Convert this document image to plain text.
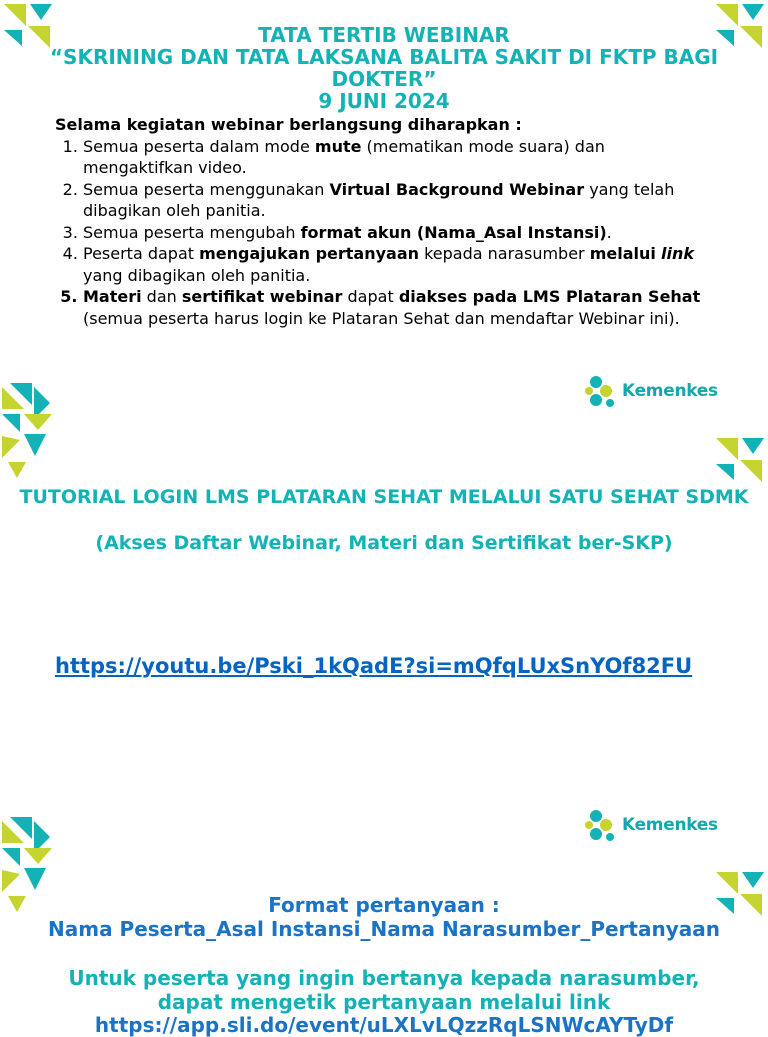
TATA TERTIB WEBINAR
“SKRINING DAN TATA LAKSANA BALITA SAKIT DI FKTP BAGI DOKTER”
9 JUNI 2024
Selama kegiatan webinar berlangsung diharapkan :
1. Semua peserta dalam mode mute (mematikan mode suara) dan mengaktifkan video.
2. Semua peserta menggunakan Virtual Background Webinar yang telah dibagikan oleh panitia.
3. Semua peserta mengubah format akun (Nama_Asal Instansi).
4. Peserta dapat mengajukan pertanyaan kepada narasumber melalui link yang dibagikan oleh panitia.
5. Materi dan sertifikat webinar dapat diakses pada LMS Plataran Sehat (semua peserta harus login ke Plataran Sehat dan mendaftar Webinar ini).
Kemenkes
TUTORIAL LOGIN LMS PLATARAN SEHAT MELALUI SATU SEHAT SDMK
(Akses Daftar Webinar, Materi dan Sertifikat ber-SKP)
https://youtu.be/Pski_1kQadE?si=mQfqLUxSnYOf82FU
Kemenkes
Format pertanyaan :
Nama Peserta_Asal Instansi_Nama Narasumber_Pertanyaan
Untuk peserta yang ingin bertanya kepada narasumber,
dapat mengetik pertanyaan melalui link
https://app.sli.do/event/uLXLvLQzzRqLSNWcAYTyDf
